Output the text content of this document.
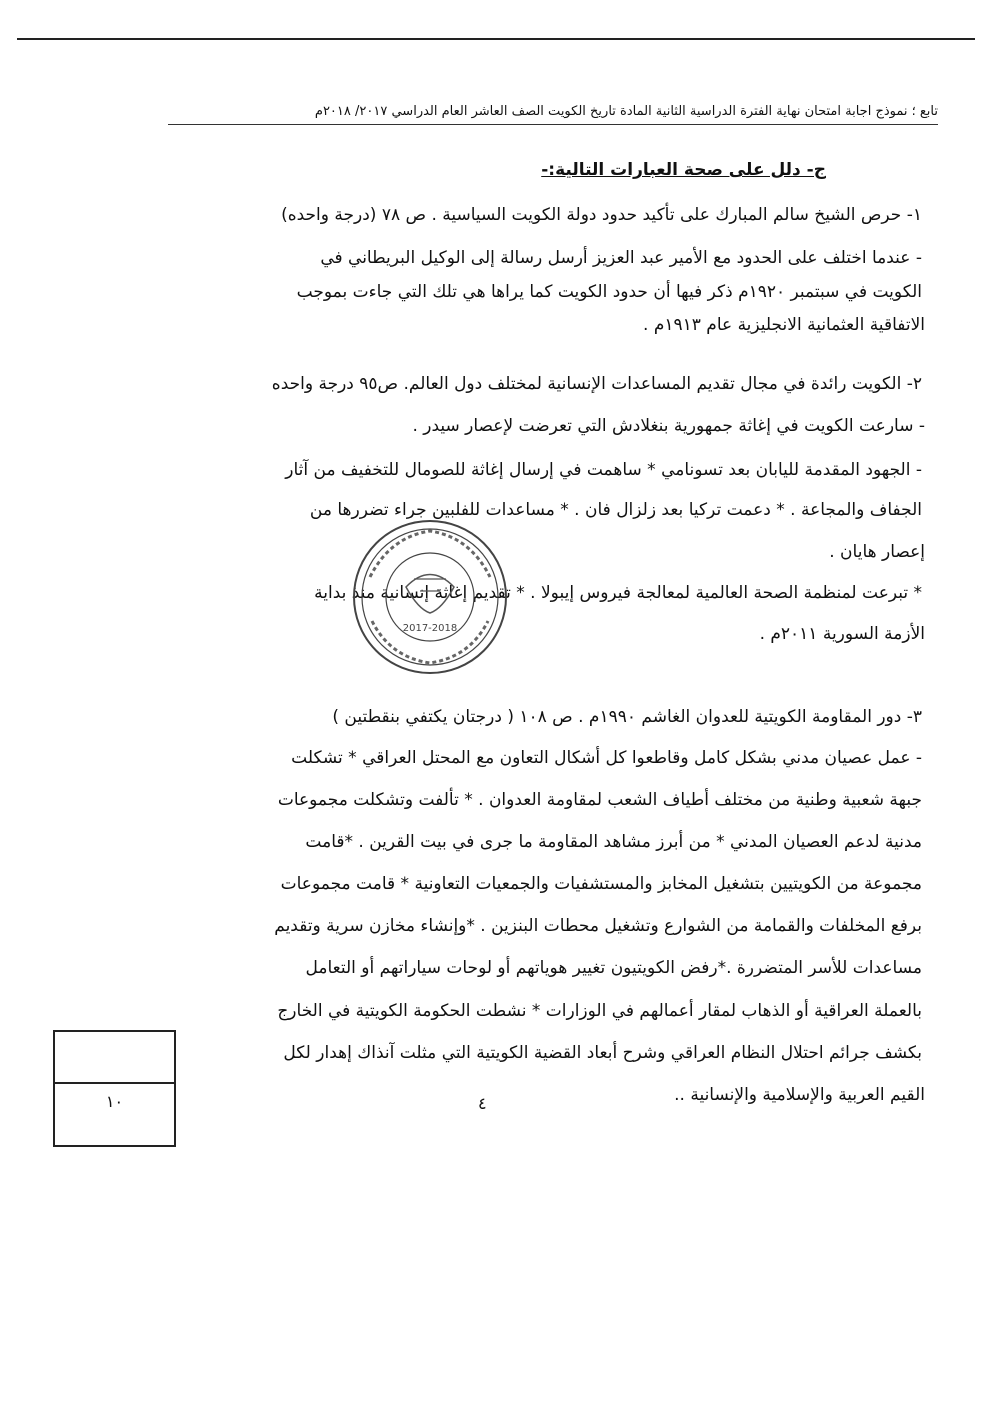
تابع ؛ نموذج اجابة امتحان نهاية الفترة الدراسية الثانية المادة تاريخ الكويت الصف العاشر العام الدراسي ٢٠١٧/ ٢٠١٨م
ج- دلل على صحة العبارات التالية:-
١- حرص الشيخ سالم المبارك على تأكيد حدود دولة الكويت السياسية . ص ٧٨ (درجة واحده)
- عندما اختلف على الحدود مع الأمير عبد العزيز أرسل رسالة إلى الوكيل البريطاني في
الكويت في سبتمبر ١٩٢٠م ذكر فيها أن حدود الكويت كما يراها هي تلك التي جاءت بموجب
الاتفاقية العثمانية الانجليزية عام ١٩١٣م .
٢- الكويت رائدة في مجال تقديم المساعدات الإنسانية لمختلف دول العالم. ص٩٥ درجة واحده
- سارعت الكويت في إغاثة جمهورية بنغلادش التي تعرضت لإعصار سيدر .
- الجهود المقدمة لليابان بعد تسونامي * ساهمت في إرسال إغاثة للصومال للتخفيف من آثار
الجفاف والمجاعة . * دعمت تركيا بعد زلزال فان . * مساعدات للفلبين جراء تضررها من
إعصار هايان .
* تبرعت لمنظمة الصحة العالمية لمعالجة فيروس إيبولا . * تقديم إغاثة إنسانية منذ بداية
الأزمة السورية ٢٠١١م .
٣- دور المقاومة الكويتية للعدوان الغاشم ١٩٩٠م . ص ١٠٨ ( درجتان يكتفي بنقطتين )
- عمل عصيان مدني بشكل كامل وقاطعوا كل أشكال التعاون مع المحتل العراقي * تشكلت
جبهة شعبية وطنية من مختلف أطياف الشعب لمقاومة العدوان . * تألفت وتشكلت مجموعات
مدنية لدعم العصيان المدني * من أبرز مشاهد المقاومة ما جرى في بيت القرين . *قامت
مجموعة من الكويتيين بتشغيل المخابز والمستشفيات والجمعيات التعاونية * قامت مجموعات
برفع المخلفات والقمامة من الشوارع وتشغيل محطات البنزين . *وإنشاء مخازن سرية وتقديم
مساعدات للأسر المتضررة .*رفض الكويتيون تغيير هوياتهم أو لوحات سياراتهم أو التعامل
بالعملة العراقية أو الذهاب لمقار أعمالهم في الوزارات * نشطت الحكومة الكويتية في الخارج
بكشف جرائم احتلال النظام العراقي وشرح أبعاد القضية الكويتية التي مثلت آنذاك إهدار لكل
القيم العربية والإسلامية والإنسانية ..
١٠	٤
2017-2018
